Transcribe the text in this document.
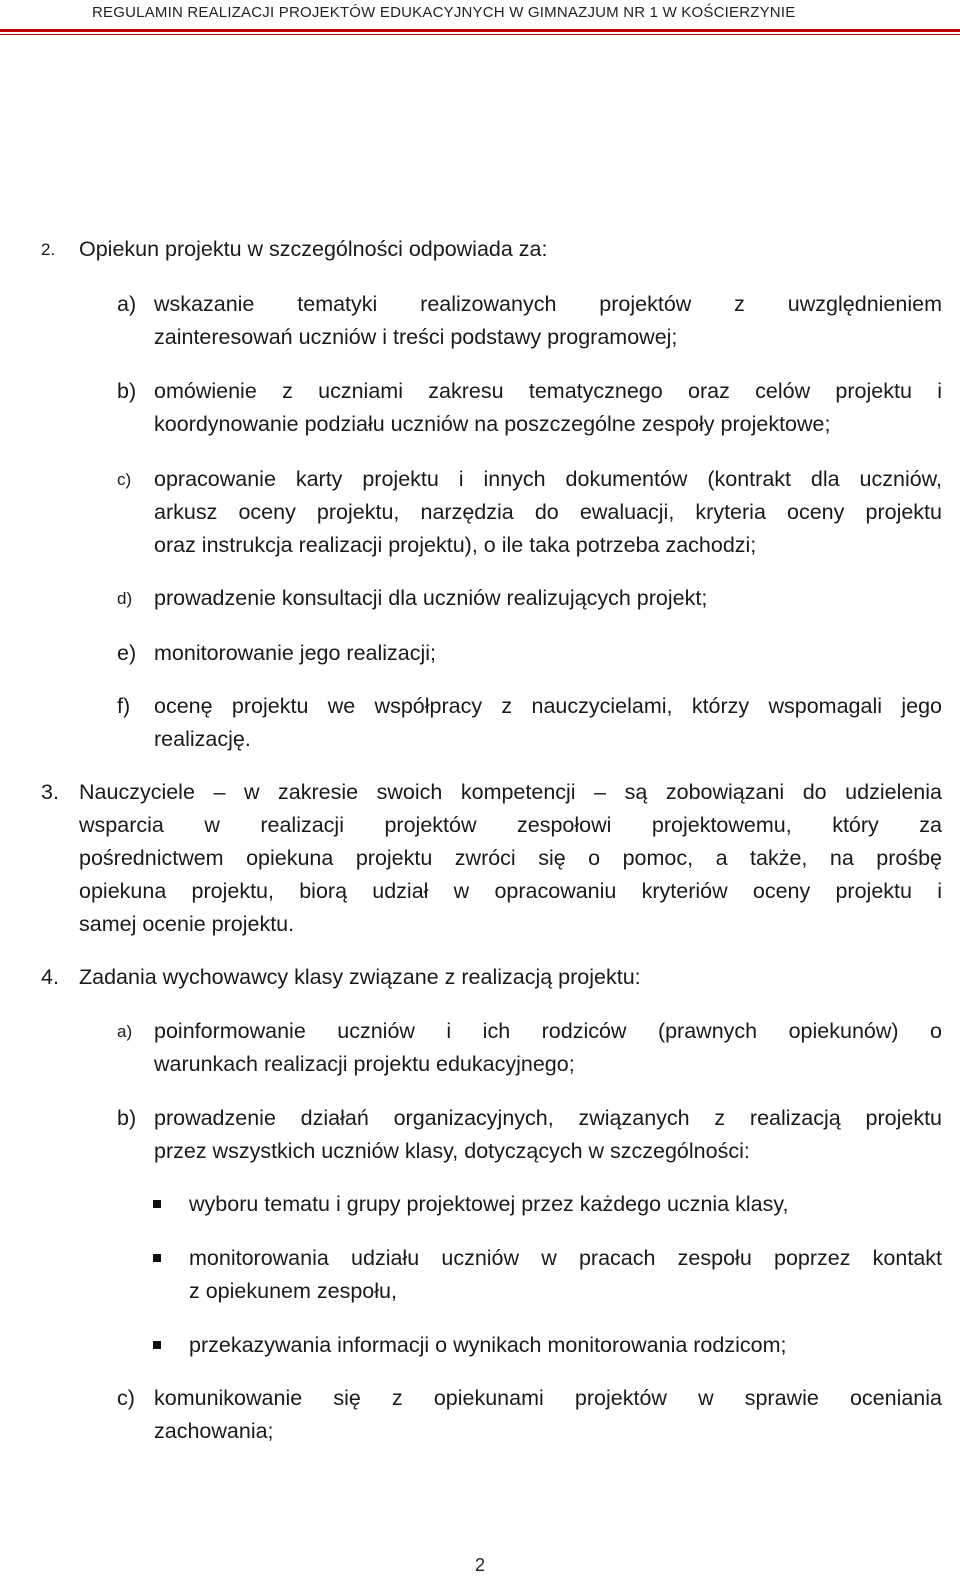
REGULAMIN REALIZACJI PROJEKTÓW EDUKACYJNYCH W GIMNAZJUM NR 1 W KOŚCIERZYNIE
2. Opiekun projektu w szczególności odpowiada za:
a) wskazanie tematyki realizowanych projektów z uwzględnieniem
zainteresowań uczniów i treści podstawy programowej;
b) omówienie z uczniami zakresu tematycznego oraz celów projektu i
koordynowanie podziału uczniów na poszczególne zespoły projektowe;
c) opracowanie karty projektu i innych dokumentów (kontrakt dla uczniów,
arkusz oceny projektu, narzędzia do ewaluacji, kryteria oceny projektu
oraz instrukcja realizacji projektu), o ile taka potrzeba zachodzi;
d) prowadzenie konsultacji dla uczniów realizujących projekt;
e) monitorowanie jego realizacji;
f) ocenę projektu we współpracy z nauczycielami, którzy wspomagali jego
realizację.
3. Nauczyciele – w zakresie swoich kompetencji – są zobowiązani do udzielenia
wsparcia w realizacji projektów zespołowi projektowemu, który za
pośrednictwem opiekuna projektu zwróci się o pomoc, a także, na prośbę
opiekuna projektu, biorą udział w opracowaniu kryteriów oceny projektu i
samej ocenie projektu.
4. Zadania wychowawcy klasy związane z realizacją projektu:
a) poinformowanie uczniów i ich rodziców (prawnych opiekunów) o
warunkach realizacji projektu edukacyjnego;
b) prowadzenie działań organizacyjnych, związanych z realizacją projektu
przez wszystkich uczniów klasy, dotyczących w szczególności:
wyboru tematu i grupy projektowej przez każdego ucznia klasy,
monitorowania udziału uczniów w pracach zespołu poprzez kontakt
z opiekunem zespołu,
przekazywania informacji o wynikach monitorowania rodzicom;
c) komunikowanie się z opiekunami projektów w sprawie oceniania
zachowania;
2
